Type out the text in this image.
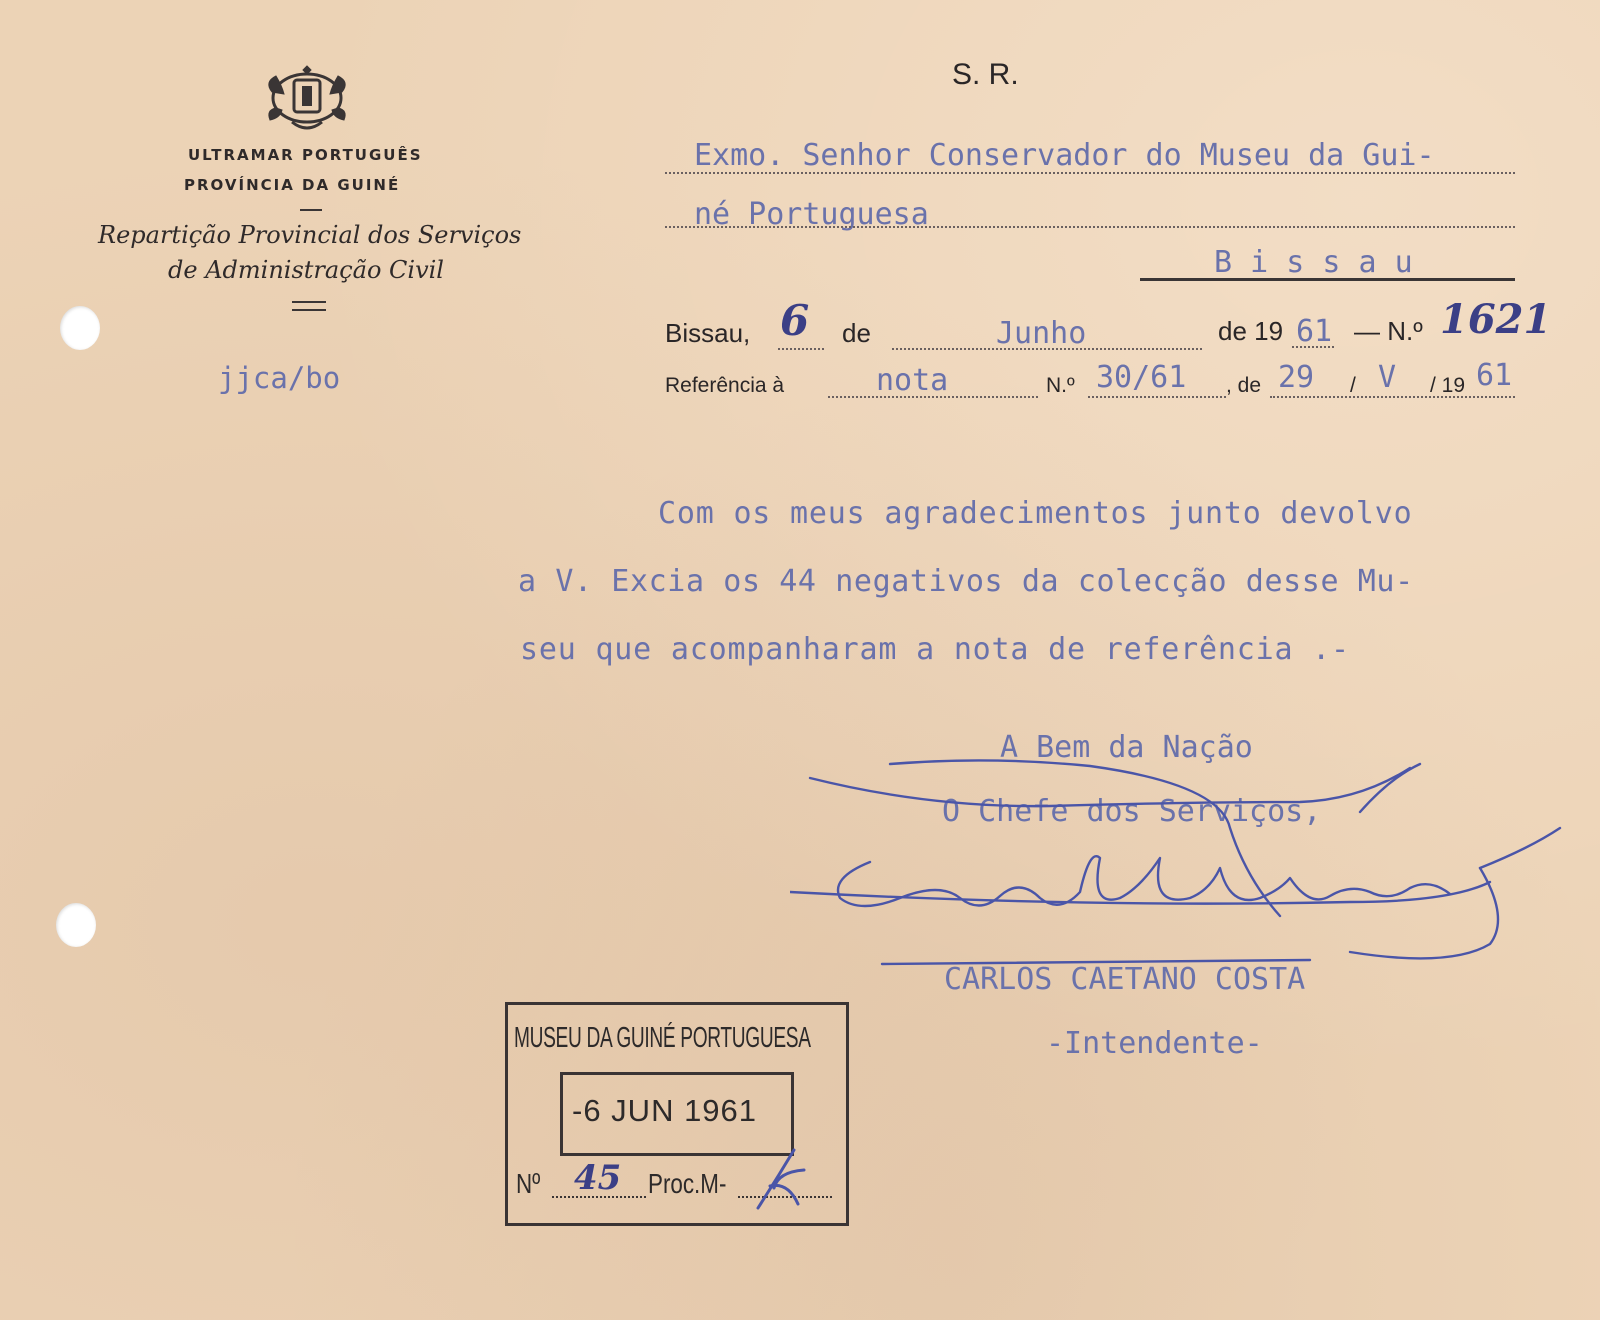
ULTRAMAR PORTUGUÊS
PROVÍNCIA DA GUINÉ
Repartição Provincial dos Serviços
de Administração Civil
jjca/bo
S. R.
Exmo. Senhor Conservador do Museu da Gui-
né Portuguesa
B i s s a u
Bissau, 6 de	Junho	de 19 61 — N.º 1621
Referência à	nota	N.º 30/61 , de 29 / V / 19 61
Com os meus agradecimentos junto devolvo
a V. Excia os 44 negativos da colecção desse Mu-
seu que acompanharam a nota de referência .-
A Bem da Nação
O Chefe dos Serviços,
CARLOS CAETANO COSTA
-Intendente-
MUSEU DA GUINÉ PORTUGUESA
-6 JUN 1961
Nº 45 Proc.M-
